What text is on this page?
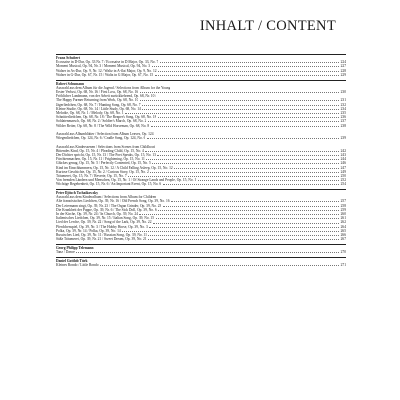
INHALT / CONTENT
Franz Schubert
Ecossaise in D-Dur, Op. 33 Nr. 7 / Ecossaise in D Major, Op. 33, No. 7	224
Moment Musical, Op. 94, Nr. 3 / Moment Musical, Op. 94, No. 3	227
Walzer in As-Dur, Op. 9, Nr. 12 / Waltz in A-flat Major, Op. 9, No. 12	228
Walzer in G-Dur, Op. 67, Nr. 15 / Waltz in G Major, Op. 67, No. 15	229
Robert Schumann
Auswahl aus dem Album für die Jugend / Selections from Album for the Young
Erster Verlust, Op. 68, Nr. 16 / First Loss, Op. 68, No. 16	230
Fröhlicher Landmann, von der Arbeit zurückkehrend, Op. 68, Nr. 10 /
The Happy Farmer Returning from Work, Op. 68, No. 10	231
Jägerliedchen, Op. 68, Nr. 7 / Hunting Song, Op. 68, No. 7	232
Kleine Studie, Op. 68, Nr. 14 / Little Study, Op. 68, No. 14	234
Melodie, Op. 68, Nr. 1 / Melody, Op. 68, No. 1	235
Schnitterliedchen, Op. 68, Nr. 18 / The Reaper's Song, Op. 68, No. 18	236
Soldatenmarsch, Op. 68, Nr. 2 / Soldier's March, Op. 68, No. 2	237
Wilder Reiter, Op. 68, Nr. 8 / The Wild Horseman, Op. 68, No. 8	238
Auswahl aus Albumblätter / Selection from Album Leaves, Op. 124
Wiegenliedchen, Op. 124, Nr. 6 / Cradle Song, Op. 124, No. 6	239
Auswahl aus Kinderszenen / Selections from Scenes from Childhood
Bittendes Kind, Op. 15, Nr. 4 / Pleading Child, Op. 15, No. 4	242
Der Dichter spricht, Op. 15, Nr. 13 / The Poet Speaks, Op. 15, No. 13	243
Fürchtenmachen, Op. 15, Nr. 11 / Frightening, Op. 15, No. 11	244
Glückes genug, Op. 15, Nr. 5 / Perfectly Contented, Op. 15, No. 5	246
Kind im Einschlummern, Op. 15, Nr. 12 / A Child Falling Asleep, Op. 15, No. 12	247
Kuriose Geschichte, Op. 15, Nr. 2 / Curious Story, Op. 15, No. 2	249
Träumerei, Op. 15, Nr. 7 / Reverie, Op. 15, No. 7	250
Von fremden Ländern und Menschen, Op. 15, Nr. 1 / Of Strange Lands and People, Op. 15, No. 1	252
Wichtige Begebenheit, Op. 15, Nr. 6 / An Important Event, Op. 15, No. 6	254
Peter Iljitsch Tschaikowsky
Auswahl aus dem Kinderalbum / Selections from Album for Children
Alte französisches Liedchen, Op. 39, Nr. 16 / Old French Song, Op. 39, No. 16	257
Der Leiermann singt, Op. 39, Nr. 23 / The Organ Grinder, Op. 39, No. 23	258
Die Krankheit der Puppe, Op. 39, Nr. 6 / The Sick Doll, Op. 39, No. 6	259
In der Kirche, Op. 39, Nr. 24 / In Church, Op. 39, No. 24	260
Italienisches Liedchen, Op. 39, Nr. 15 / Italian Song, Op. 39, No. 15	261
Lied der Lerche, Op. 39, Nr. 22 / Song of the Lark, Op. 39, No. 22	262
Pferdchenspiel, Op. 39, Nr. 3 / The Hobby Horse, Op. 39, No. 3	264
Polka, Op. 39, Nr. 14 / Polka, Op. 39, No. 14	265
Russisches Lied, Op. 39, Nr. 11 / Russian Song, Op. 39, No. 11	266
Süße Träumerei, Op. 39, Nr. 21 / Sweet Dream, Op. 39, No. 21	267
Georg Philipp Telemann
Tanz / Dance	270
Daniel Gottlob Türk
Kleines Rondo / Little Rondo	271
